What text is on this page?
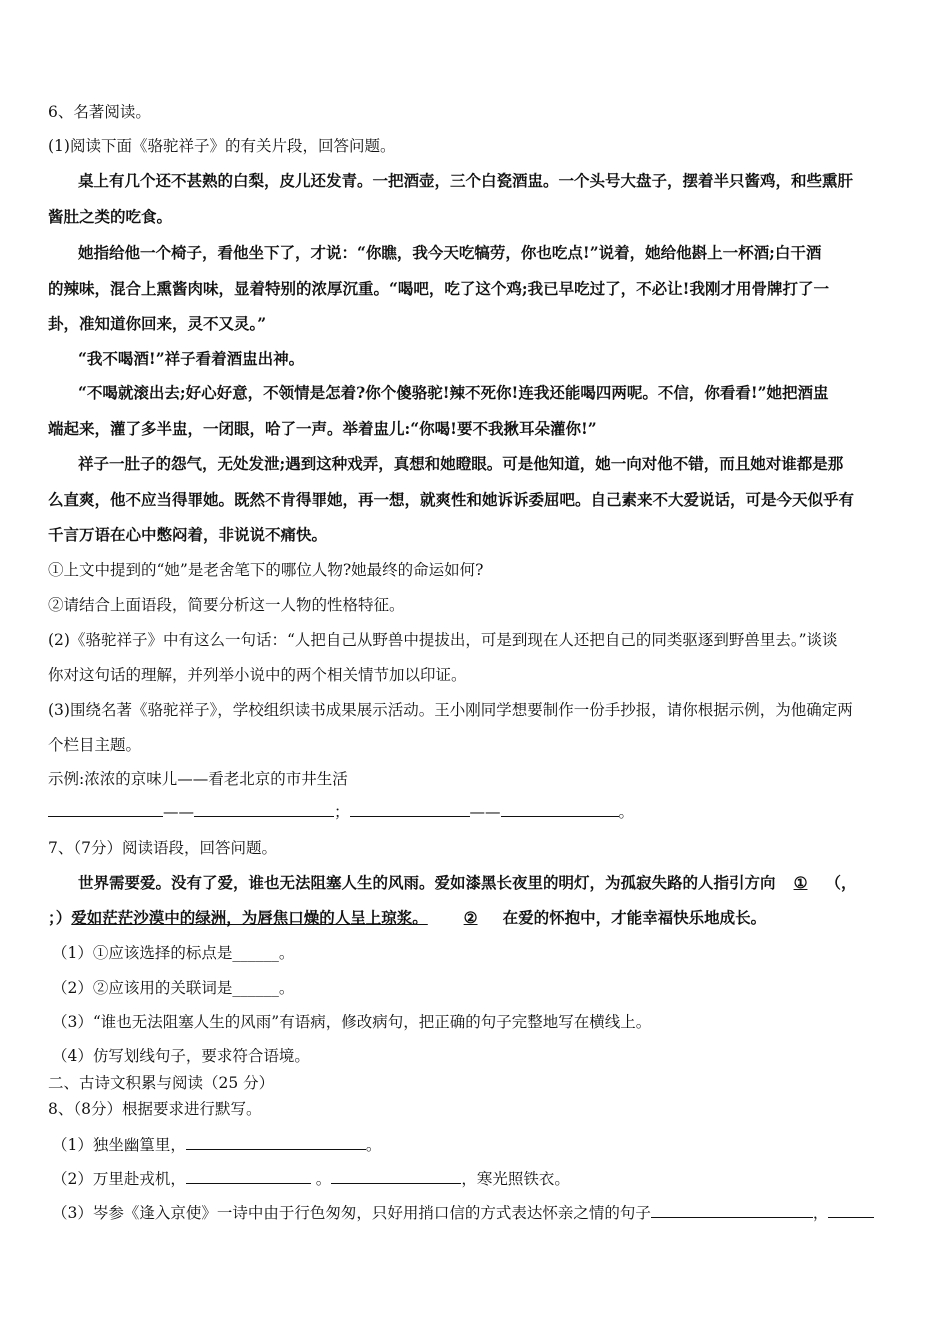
6、名著阅读。
(1)阅读下面《骆驼祥子》的有关片段，回答问题。
桌上有几个还不甚熟的白梨，皮儿还发青。一把酒壶，三个白瓷酒盅。一个头号大盘子，摆着半只酱鸡，和些熏肝
酱肚之类的吃食。
她指给他一个椅子，看他坐下了，才说：“你瞧，我今天吃犒劳，你也吃点!”说着，她给他斟上一杯酒;白干酒
的辣味，混合上熏酱肉味，显着特别的浓厚沉重。“喝吧，吃了这个鸡;我已早吃过了，不必让!我刚才用骨牌打了一
卦，准知道你回来，灵不又灵。”
“我不喝酒!”祥子看着酒盅出神。
“不喝就滚出去;好心好意，不领情是怎着?你个傻骆驼!辣不死你!连我还能喝四两呢。不信，你看看!”她把酒盅
端起来，灌了多半盅，一闭眼，哈了一声。举着盅儿:“你喝!要不我揪耳朵灌你!”
祥子一肚子的怨气，无处发泄;遇到这种戏弄，真想和她瞪眼。可是他知道，她一向对他不错，而且她对谁都是那
么直爽，他不应当得罪她。既然不肯得罪她，再一想，就爽性和她诉诉委屈吧。自己素来不大爱说话，可是今天似乎有
千言万语在心中憋闷着，非说说不痛快。
①上文中提到的“她”是老舍笔下的哪位人物?她最终的命运如何?
②请结合上面语段，简要分析这一人物的性格特征。
(2)《骆驼祥子》中有这么一句话：“人把自己从野兽中提拔出，可是到现在人还把自己的同类驱逐到野兽里去。”谈谈
你对这句话的理解，并列举小说中的两个相关情节加以印证。
(3)围绕名著《骆驼祥子》，学校组织读书成果展示活动。王小刚同学想要制作一份手抄报，请你根据示例，为他确定两
个栏目主题。
示例:浓浓的京味儿——看老北京的市井生活
——	；	——	。
7、（7分）阅读语段，回答问题。
世界需要爱。没有了爱，谁也无法阻塞人生的风雨。爱如漆黑长夜里的明灯，为孤寂失路的人指引方向 ① （，
；）爱如茫茫沙漠中的绿洲，为唇焦口燥的人呈上琼浆。 ② 在爱的怀抱中，才能幸福快乐地成长。
（1）①应该选择的标点是______。
（2）②应该用的关联词是______。
（3）“谁也无法阻塞人生的风雨”有语病，修改病句，把正确的句子完整地写在横线上。
（4）仿写划线句子，要求符合语境。
二、古诗文积累与阅读（25 分）
8、（8分）根据要求进行默写。
（1）独坐幽篁里，	。
（2）万里赴戎机，	。	，寒光照铁衣。
（3）岑参《逢入京使》一诗中由于行色匆匆，只好用捎口信的方式表达怀亲之情的句子	，
